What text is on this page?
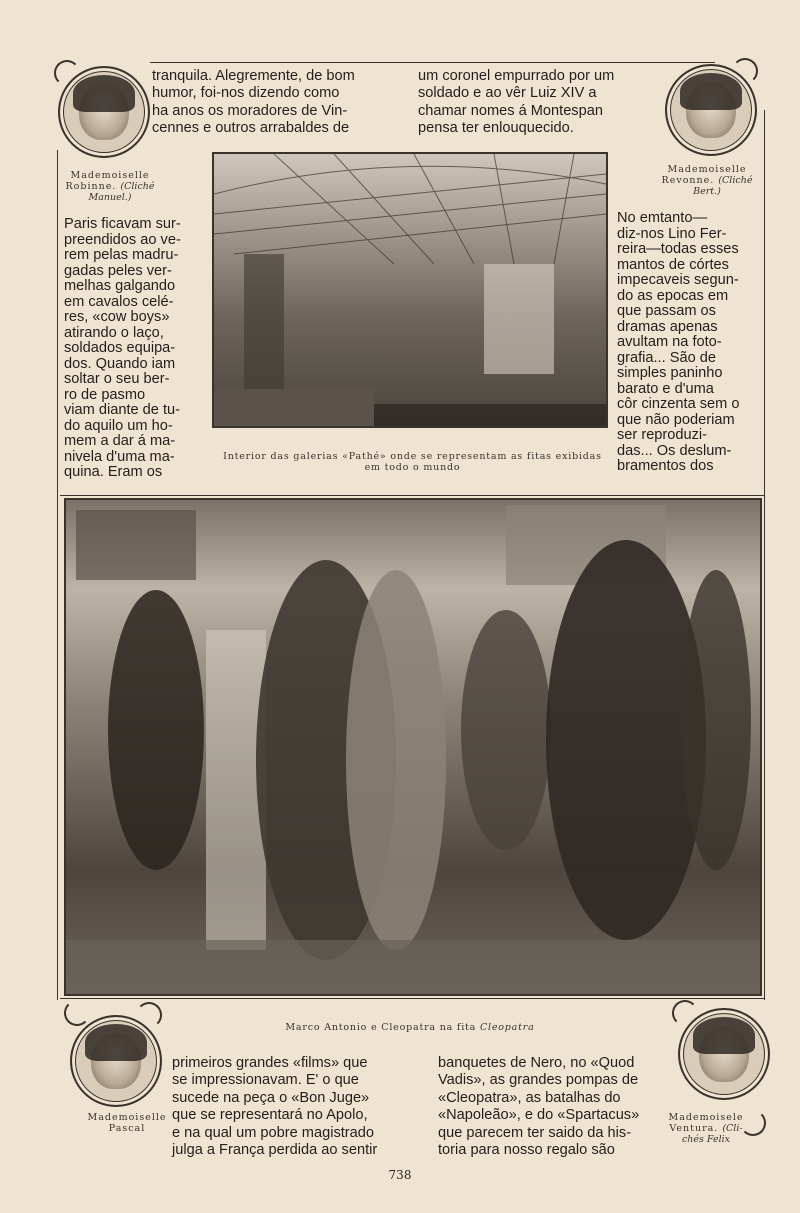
Mademoiselle
Robinne. (Cliché
Manuel.)
Mademoiselle
Revonne. (Cliché
Bert.)
tranquila. Alegremente, de bom
humor, foi-nos dizendo como
ha anos os moradores de Vin-
cennes e outros arrabaldes de
um coronel empurrado por um
soldado e ao vêr Luiz XIV a
chamar nomes á Montespan
pensa ter enlouquecido.
Interior das galerias «Pathé» onde se representam as fitas exibidas
em todo o mundo
Paris ficavam sur-
preendidos ao ve-
rem pelas madru-
gadas peles ver-
melhas galgando
em cavalos celé-
res, «cow boys»
atirando o laço,
soldados equipa-
dos. Quando iam
soltar o seu ber-
ro de pasmo
viam diante de tu-
do aquilo um ho-
mem a dar á ma-
nivela d'uma ma-
quina. Eram os
No emtanto—
diz-nos Lino Fer-
reira—todas esses
mantos de córtes
impecaveis segun-
do as epocas em
que passam os
dramas apenas
avultam na foto-
grafia... São de
simples paninho
barato e d'uma
côr cinzenta sem o
que não poderiam
ser reproduzi-
das... Os deslum-
bramentos dos
Marco Antonio e Cleopatra na fita Cleopatra
Mademoiselle
Pascal
Mademoisele
Ventura. (Cli-
chés Felix
primeiros grandes «films» que
se impressionavam. E' o que
sucede na peça o «Bon Juge»
que se representará no Apolo,
e na qual um pobre magistrado
julga a França perdida ao sentir
banquetes de Nero, no «Quod
Vadis», as grandes pompas de
«Cleopatra», as batalhas do
«Napoleão», e do «Spartacus»
que parecem ter saido da his-
toria para nosso regalo são
738
